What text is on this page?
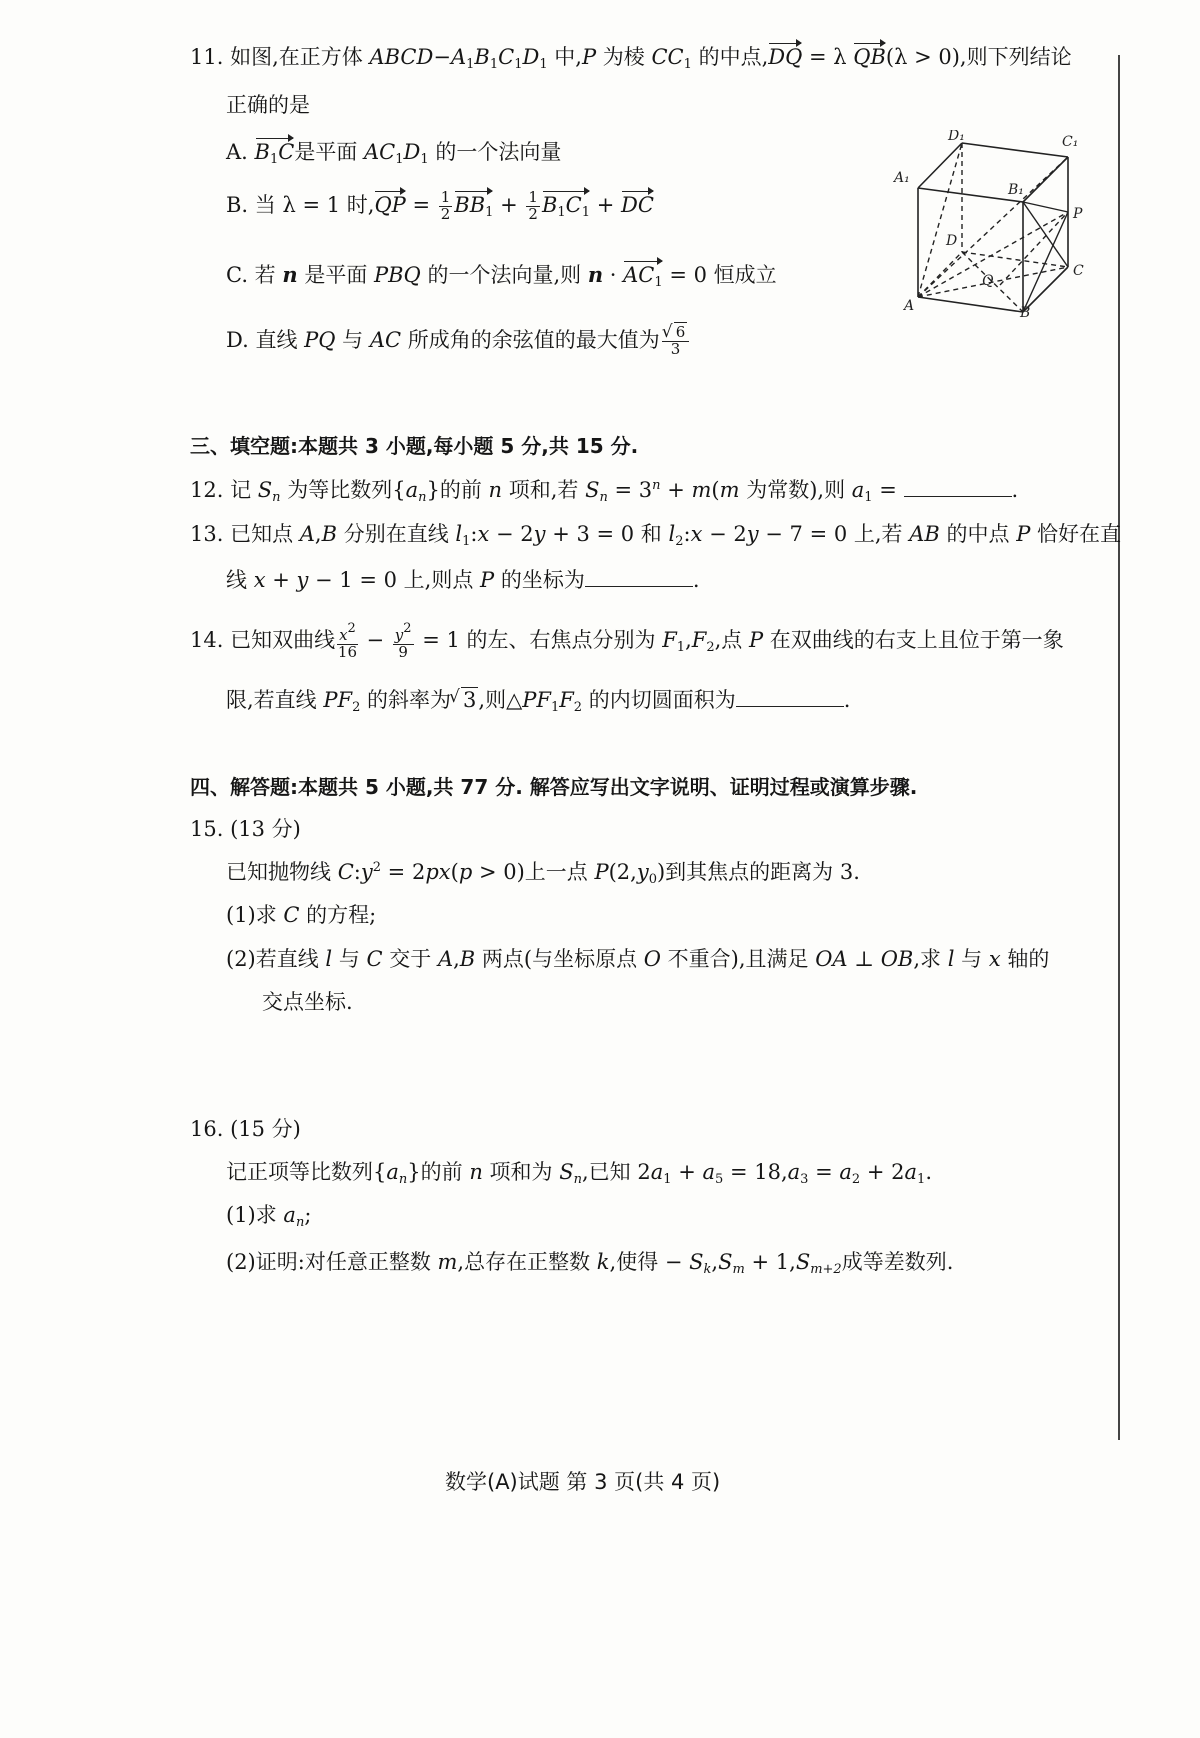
11. 如图,在正方体 $ABCD-A_1B_1C_1D_1$ 中,P 为棱 $CC_1$ 的中点,DQ = λ QB(λ > 0),则下列结论
正确的是
A. $B_1C$是平面 $AC_1D_1$ 的一个法向量
B. 当 λ = 1 时$,QP = \frac{1}{2} BB_1 + \frac{1}{2} B_1C_1$ + DC
C. 若 n 是平面 PBQ 的一个法向量,则 $n \cdot AC_1 = 0$ 恒成立
D. 直线 PQ 与 AC 所成角的余弦值的最大值为 √ $\frac{6}{3}$
D₁	C₁
B₁
A₁
P
D
C
Q
A	B
三、填空题:本题共 3 小题,每小题 5 分,共 15 分.
12. 记 $S_n$ 为等比数列$\{a_n\}$的前 n 项和,若 $S_n = 3^n + m(m$ 为常数),则 $a_1$ =	.
13. 已知点 A,B 分别在直线 $l_1:x - 2y + 3 = 0$ 和 $l_2:x - 2y - 7 = 0$ 上,若 AB 的中点 P 恰好在直
线 x + y − 1 = 0 上,则点 P 的坐标为	.
14. 已知双曲线 $\frac{x2}{16} - \frac{y2}{9} = 1$ 的左、右焦点分别为 $F_1,F_2$,点 P 在双曲线的右支上且位于第一象
限,若直线 $PF_2$ 的斜率为 √ 3,则$\triangle PF_1F_2$ 的内切圆面积为	.
四、解答题:本题共 5 小题,共 77 分. 解答应写出文字说明、证明过程或演算步骤.
15. (13 分)
已知抛物线 $C:y^2 = 2px(p > 0)$上一点 $P(2,y_0)$到其焦点的距离为 3.
(1)求 C 的方程;
(2)若直线 l 与 C 交于 A,B 两点(与坐标原点 O 不重合),且满足 OA ⊥ OB,求 l 与 x 轴的
交点坐标.
16. (15 分)
记正项等比数列$\{a_n\}$的前 n 项和为 $S_n$,已知 $2a_1 + a_5 = 18,a_3 = a_2 + 2a_1$.
(1)求 $a_n$;
(2)证明:对任意正整数 m,总存在正整数 k,使得 − $S_k,S_m + 1,S_{m+2}$成等差数列.
数学(A)试题 第 3 页(共 4 页)
